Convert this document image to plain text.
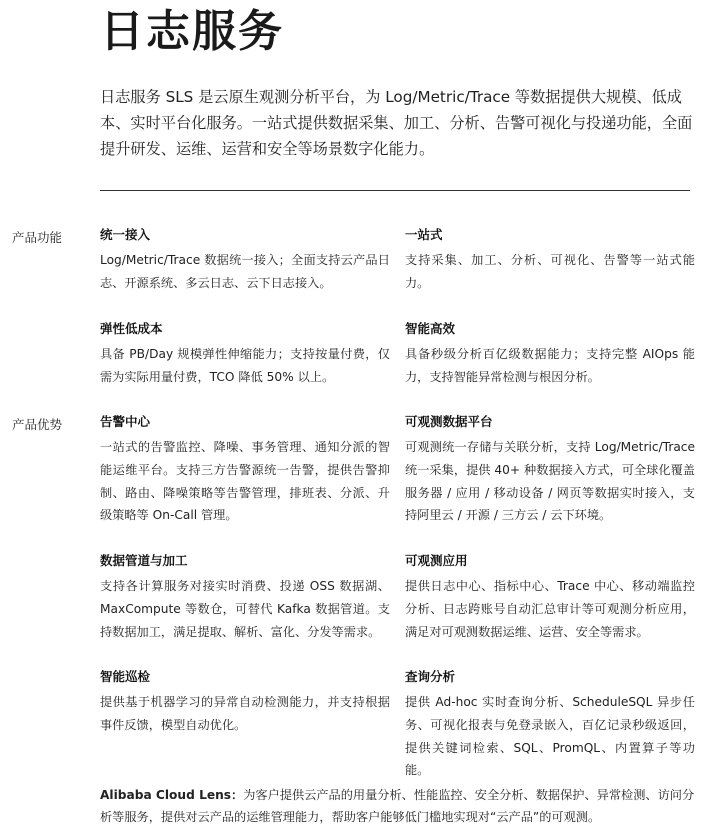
日志服务

日志服务 SLS 是云原生观测分析平台，为 Log/Metric/Trace 等数据提供大规模、低成本、实时平台化服务。一站式提供数据采集、加工、分析、告警可视化与投递功能，全面提升研发、运维、运营和安全等场景数字化能力。

产品功能

产品优势

统一接入

Log/Metric/Trace 数据统一接入；全面支持云产品日志、开源系统、多云日志、云下日志接入。

一站式

支持采集、加工、分析、可视化、告警等一站式能力。

弹性低成本

具备 PB/Day 规模弹性伸缩能力；支持按量付费，仅需为实际用量付费，TCO 降低 50% 以上。

智能高效

具备秒级分析百亿级数据能力；支持完整 AIOps 能力，支持智能异常检测与根因分析。

告警中心

一站式的告警监控、降噪、事务管理、通知分派的智能运维平台。支持三方告警源统一告警，提供告警抑制、路由、降噪策略等告警管理，排班表、分派、升级策略等 On-Call 管理。

可观测数据平台

可观测统一存储与关联分析，支持 Log/Metric/Trace 统一采集，提供 40+ 种数据接入方式，可全球化覆盖服务器 / 应用 / 移动设备 / 网页等数据实时接入，支持阿里云 / 开源 / 三方云 / 云下环境。

数据管道与加工

支持各计算服务对接实时消费、投递 OSS 数据湖、MaxCompute 等数仓，可替代 Kafka 数据管道。支持数据加工，满足提取、解析、富化、分发等需求。

可观测应用

提供日志中心、指标中心、Trace 中心、移动端监控分析、日志跨账号自动汇总审计等可观测分析应用，满足对可观测数据运维、运营、安全等需求。

智能巡检

提供基于机器学习的异常自动检测能力，并支持根据事件反馈，模型自动优化。

查询分析

提供 Ad-hoc 实时查询分析、ScheduleSQL 异步任务、可视化报表与免登录嵌入，百亿记录秒级返回，提供关键词检索、SQL、PromQL、内置算子等功能。

Alibaba Cloud Lens：为客户提供云产品的用量分析、性能监控、安全分析、数据保护、异常检测、访问分析等服务，提供对云产品的运维管理能力，帮助客户能够低门槛地实现对“云产品”的可观测。
